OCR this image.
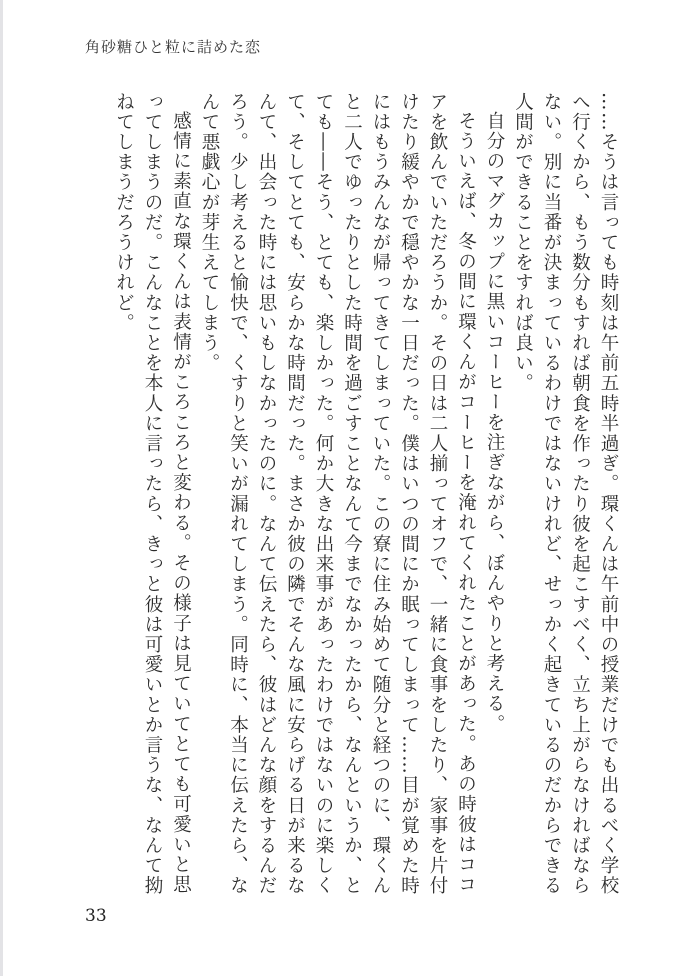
角砂糖ひと粒に詰めた恋

……そうは言っても時刻は午前五時半過ぎ。環くんは午前中の授業だけでも出るべく学校へ行くから、もう数分もすれば朝食を作ったり彼を起こすべく、立ち上がらなければならない。別に当番が決まっているわけではないけれど、せっかく起きているのだからできる人間ができることをすれば良い。

自分のマグカップに黒いコーヒーを注ぎながら、ぼんやりと考える。

そういえば、冬の間に環くんがコーヒーを淹れてくれたことがあった。あの時彼はココアを飲んでいただろうか。その日は二人揃ってオフで、一緒に食事をしたり、家事を片付けたり緩やかで穏やかな一日だった。僕はいつの間にか眠ってしまって……目が覚めた時にはもうみんなが帰ってきてしまっていた。この寮に住み始めて随分と経つのに、環くんと二人でゆったりとした時間を過ごすことなんて今までなかったから、なんというか、とても――そう、とても、楽しかった。何か大きな出来事があったわけではないのに楽しくて、そしてとても、安らかな時間だった。まさか彼の隣でそんな風に安らげる日が来るなんて、出会った時には思いもしなかったのに。なんて伝えたら、彼はどんな顔をするんだろう。少し考えると愉快で、くすりと笑いが漏れてしまう。同時に、本当に伝えたら、なんて悪戯心が芽生えてしまう。

感情に素直な環くんは表情がころころと変わる。その様子は見ていてとても可愛いと思ってしまうのだ。こんなことを本人に言ったら、きっと彼は可愛いとか言うな、なんて拗ねてしまうだろうけれど。

33
